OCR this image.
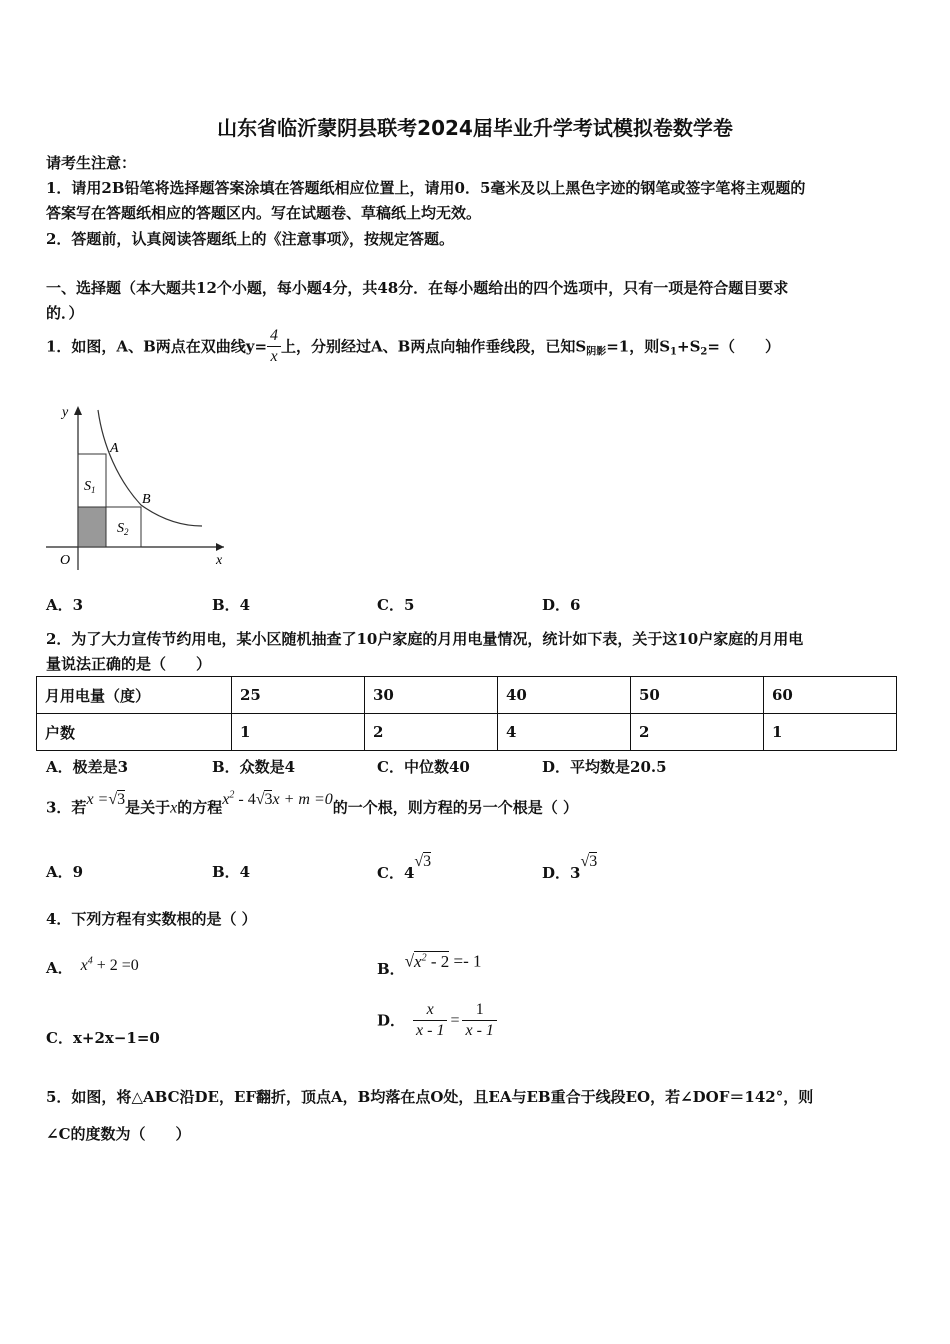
山东省临沂蒙阴县联考2024届毕业升学考试模拟卷数学卷
请考生注意：
1．请用2B铅笔将选择题答案涂填在答题纸相应位置上，请用0．5毫米及以上黑色字迹的钢笔或签字笔将主观题的
答案写在答题纸相应的答题区内。写在试题卷、草稿纸上均无效。
2．答题前，认真阅读答题纸上的《注意事项》，按规定答题。
一、选择题（本大题共12个小题，每小题4分，共48分．在每小题给出的四个选项中，只有一项是符合题目要求
的．）
1．如图，A、B两点在双曲线$y= \frac{4}{x}$ 上，分别经过A、B两点向轴作垂线段，已知$S_{阴影}=1$，则$S_1+S_2=$（　　）
y
x
O
A
B
$S_1$
$S_2$
A．3	B．4	C．5	D．6
2．为了大力宣传节约用电，某小区随机抽查了10户家庭的月用电量情况，统计如下表，关于这10户家庭的月用电
量说法正确的是（　　）
月用电量（度）	25	30	40	50	60
户数	1	2	4	2	1
A．极差是3	B．众数是4	C．中位数40	D．平均数是20.5
3．若x =√3是关于x的方程$x^2 - 4√3x + m =0$的一个根，则方程的另一个根是（ ）
A．9	B．4	C．4√3
D．3√3
4．下列方程有实数根的是（ ）
A． $x^4 + 2 =0$	B．$√x^2 - 2 =- 1$
C．x+2x−1=0
D． $\frac{x}{x - 1} = \frac{1}{x - 1}$
5．如图，将△ABC沿DE，EF翻折，顶点A，B均落在点O处，且EA与EB重合于线段EO，若∠DOF＝142°，则
∠C的度数为（　　）
